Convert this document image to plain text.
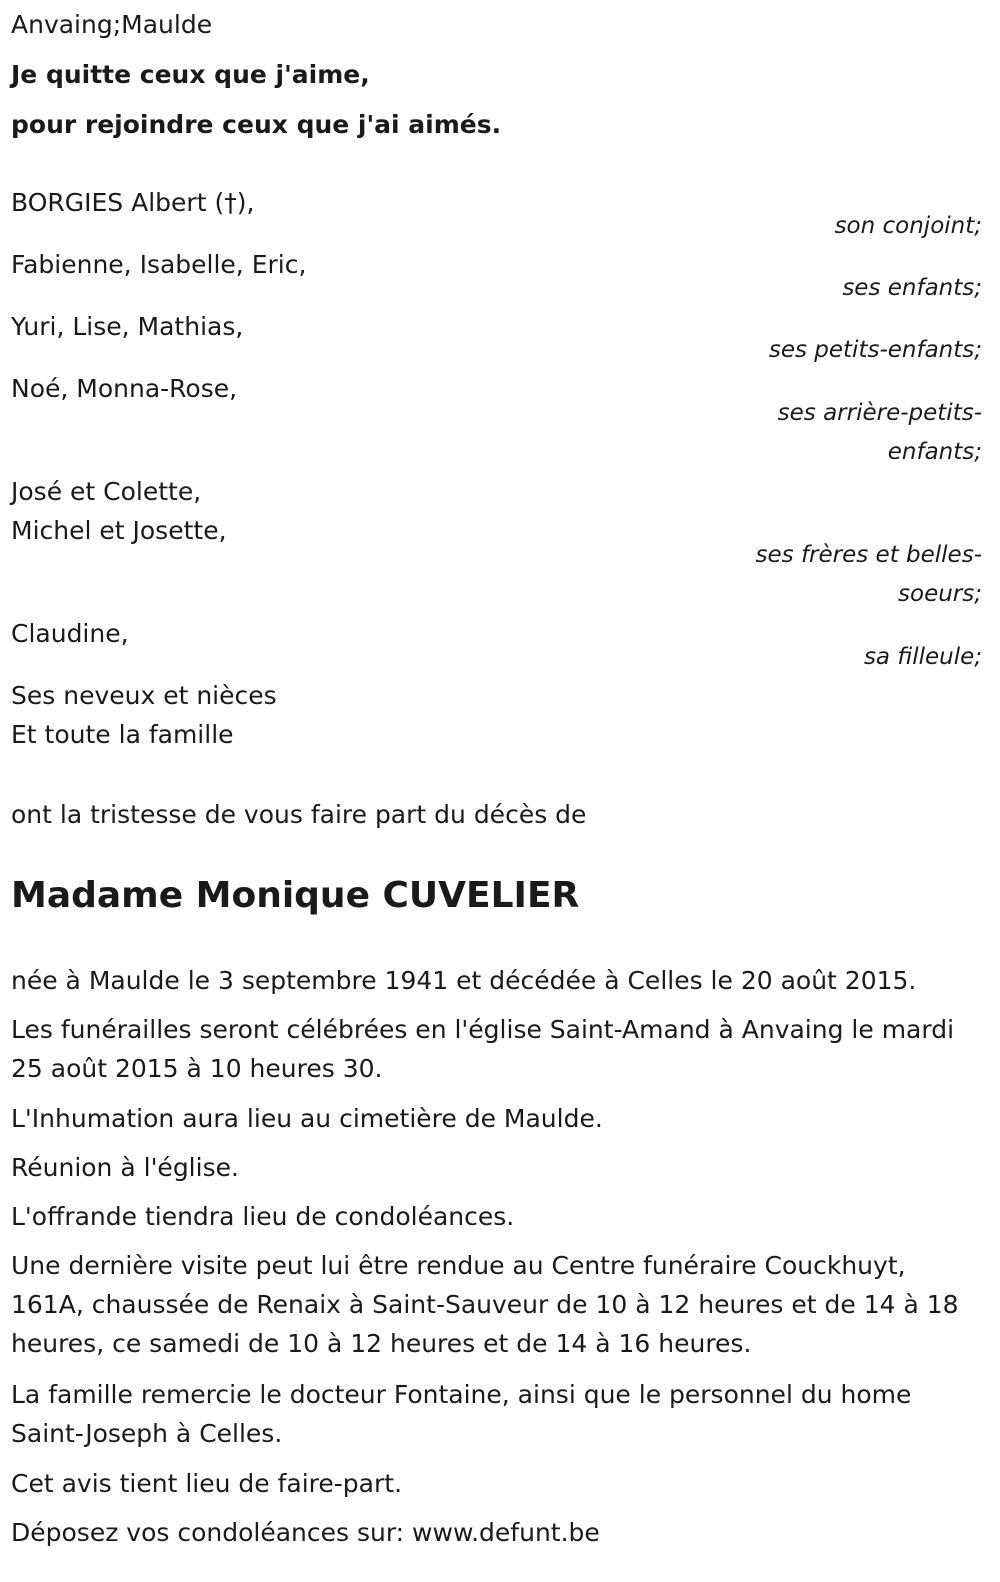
Anvaing;Maulde
Je quitte ceux que j'aime,
pour rejoindre ceux que j'ai aimés.
BORGIES Albert (†),
son conjoint;
Fabienne, Isabelle, Eric,
ses enfants;
Yuri, Lise, Mathias,
ses petits-enfants;
Noé, Monna-Rose,
ses arrière-petits-
enfants;
José et Colette,
Michel et Josette,
ses frères et belles-
soeurs;
Claudine,
sa filleule;
Ses neveux et nièces
Et toute la famille
ont la tristesse de vous faire part du décès de
Madame Monique CUVELIER
née à Maulde le 3 septembre 1941 et décédée à Celles le 20 août 2015.
Les funérailles seront célébrées en l'église Saint-Amand à Anvaing le mardi 25 août 2015 à 10 heures 30.
L'Inhumation aura lieu au cimetière de Maulde.
Réunion à l'église.
L'offrande tiendra lieu de condoléances.
Une dernière visite peut lui être rendue au Centre funéraire Couckhuyt, 161A, chaussée de Renaix à Saint-Sauveur de 10 à 12 heures et de 14 à 18 heures, ce samedi de 10 à 12 heures et de 14 à 16 heures.
La famille remercie le docteur Fontaine, ainsi que le personnel du home Saint-Joseph à Celles.
Cet avis tient lieu de faire-part.
Déposez vos condoléances sur: www.defunt.be
